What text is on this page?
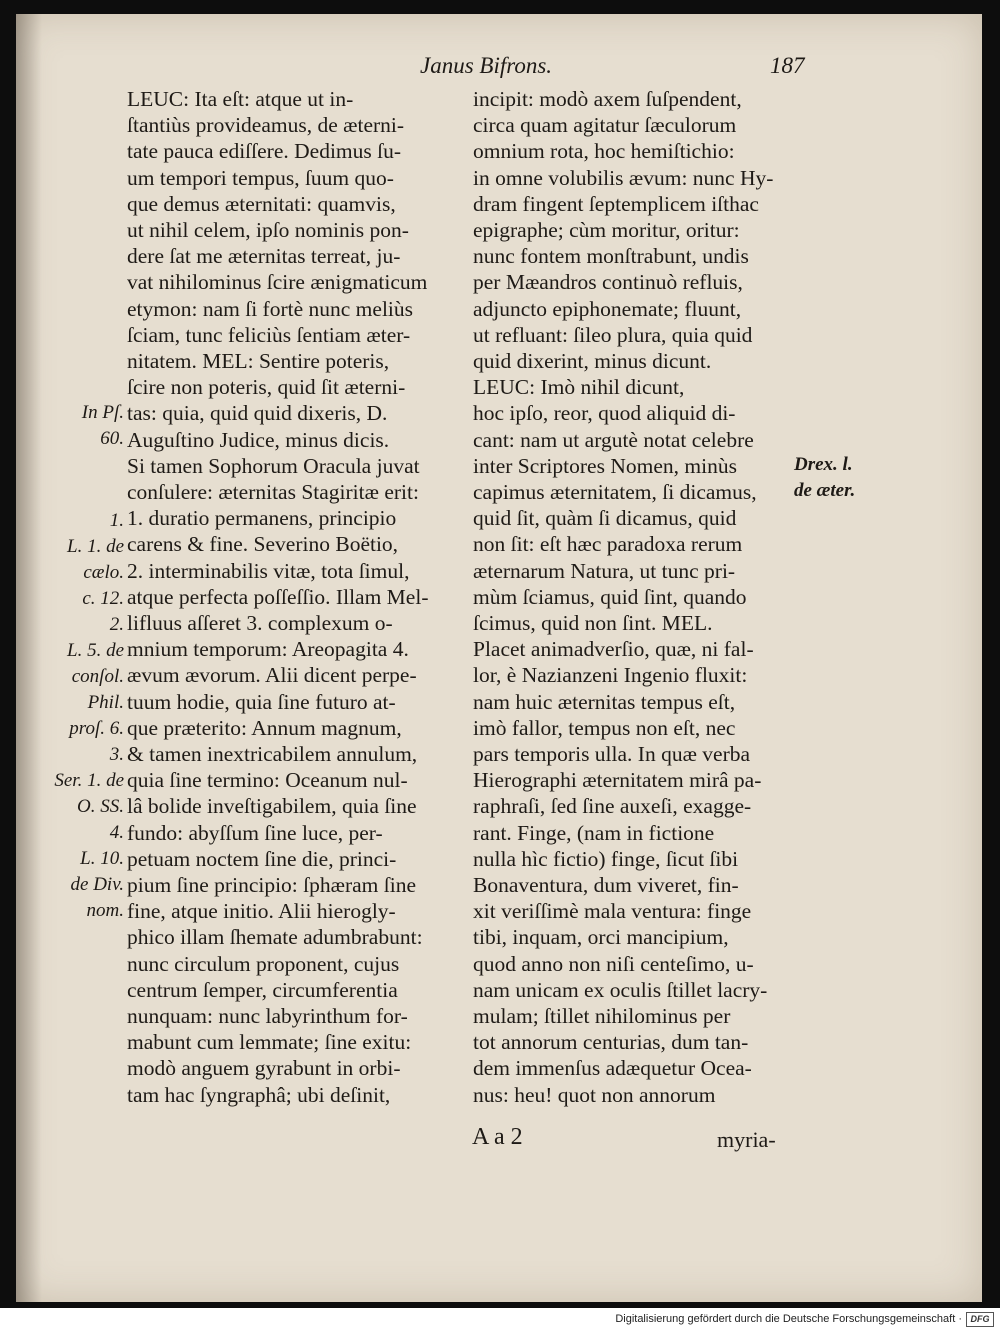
Janus Bifrons.	187
LEUC: Ita eſt: atque ut in-
ſtantiùs provideamus, de æterni-
tate pauca ediſſere. Dedimus ſu-
um tempori tempus, ſuum quo-
que demus æternitati: quamvis,
ut nihil celem, ipſo nominis pon-
dere ſat me æternitas terreat, ju-
vat nihilominus ſcire ænigmaticum
etymon: nam ſi fortè nunc meliùs
ſciam, tunc feliciùs ſentiam æter-
nitatem. MEL: Sentire poteris,
ſcire non poteris, quid ſit æterni-
tas: quia, quid quid dixeris, D.
Auguſtino Judice, minus dicis.
Si tamen Sophorum Oracula juvat
conſulere: æternitas Stagiritæ erit:
1. duratio permanens, principio
carens & fine. Severino Boëtio,
2. interminabilis vitæ, tota ſimul,
atque perfecta poſſeſſio. Illam Mel-
lifluus aſſeret 3. complexum o-
mnium temporum: Areopagita 4.
ævum ævorum. Alii dicent perpe-
tuum hodie, quia ſine futuro at-
que præterito: Annum magnum,
& tamen inextricabilem annulum,
quia ſine termino: Oceanum nul-
lâ bolide inveſtigabilem, quia ſine
fundo: abyſſum ſine luce, per-
petuam noctem ſine die, princi-
pium ſine principio: ſphæram ſine
fine, atque initio. Alii hierogly-
phico illam ſhemate adumbrabunt:
nunc circulum proponent, cujus
centrum ſemper, circumferentia
nunquam: nunc labyrinthum for-
mabunt cum lemmate; ſine exitu:
modò anguem gyrabunt in orbi-
tam hac ſyngraphâ; ubi deſinit,
incipit: modò axem ſuſpendent,
circa quam agitatur ſæculorum
omnium rota, hoc hemiſtichio:
in omne volubilis ævum: nunc Hy-
dram fingent ſeptemplicem iſthac
epigraphe; cùm moritur, oritur:
nunc fontem monſtrabunt, undis
per Mæandros continuò refluis,
adjuncto epiphonemate; fluunt,
ut refluant: ſileo plura, quia quid
quid dixerint, minus dicunt.
LEUC: Imò nihil dicunt,
hoc ipſo, reor, quod aliquid di-
cant: nam ut argutè notat celebre
inter Scriptores Nomen, minùs
capimus æternitatem, ſi dicamus,
quid ſit, quàm ſi dicamus, quid
non ſit: eſt hæc paradoxa rerum
æternarum Natura, ut tunc pri-
mùm ſciamus, quid ſint, quando
ſcimus, quid non ſint. MEL.
Placet animadverſio, quæ, ni fal-
lor, è Nazianzeni Ingenio fluxit:
nam huic æternitas tempus eſt,
imò fallor, tempus non eſt, nec
pars temporis ulla. In quæ verba
Hierographi æternitatem mirâ pa-
raphraſi, ſed ſine auxeſi, exagge-
rant. Finge, (nam in fictione
nulla hìc fictio) finge, ſicut ſibi
Bonaventura, dum viveret, fin-
xit veriſſimè mala ventura: finge
tibi, inquam, orci mancipium,
quod anno non niſi centeſimo, u-
nam unicam ex oculis ſtillet lacry-
mulam; ſtillet nihilominus per
tot annorum centurias, dum tan-
dem immenſus adæquetur Ocea-
nus: heu! quot non annorum
In Pſ.
60.
1.
L. 1. de
cælo.
c. 12.
2.
L. 5. de
conſol.
Phil.
proſ. 6.
3.
Ser. 1. de
O. SS.
4.
L. 10.
de Div.
nom.
Drex. l.
de æter.
A a 2	myria-
Digitalisierung gefördert durch die Deutsche Forschungsgemeinschaft · DFG
